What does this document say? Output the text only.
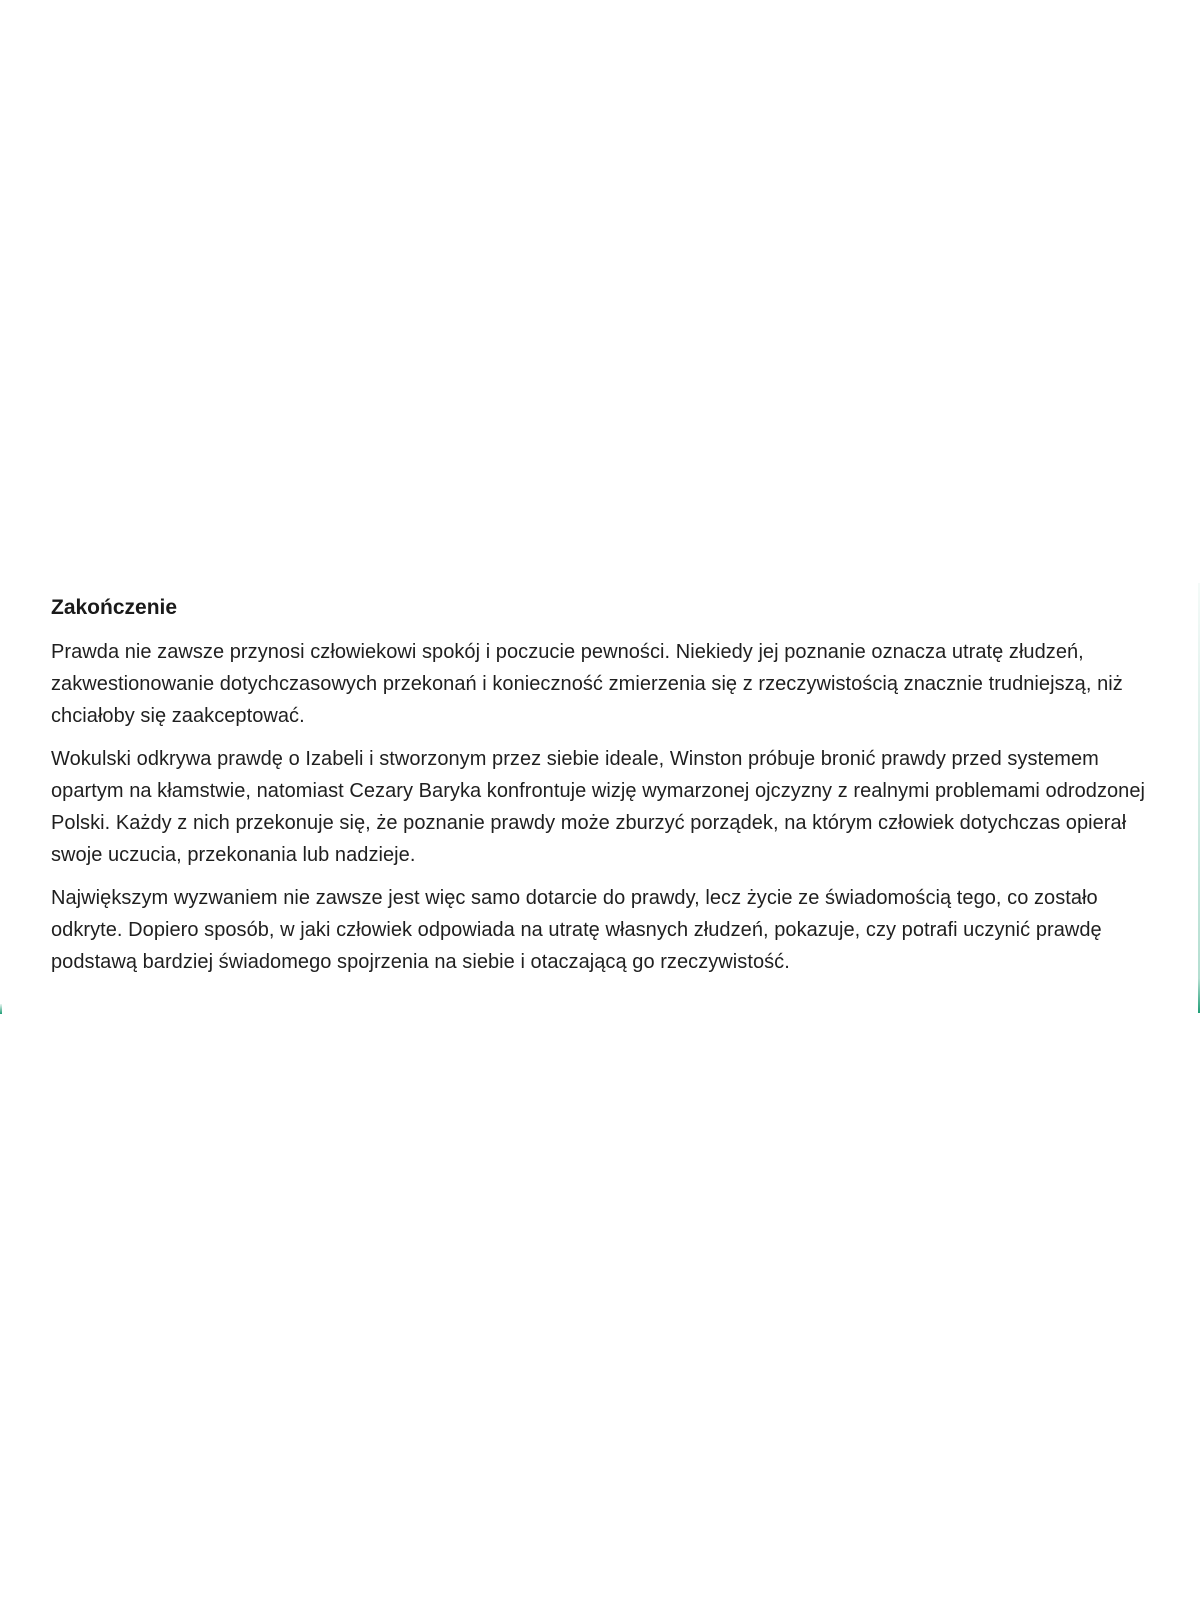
Zakończenie

Prawda nie zawsze przynosi człowiekowi spokój i poczucie pewności. Niekiedy jej poznanie oznacza utratę złudzeń, zakwestionowanie dotychczasowych przekonań i konieczność zmierzenia się z rzeczywistością znacznie trudniejszą, niż chciałoby się zaakceptować.

Wokulski odkrywa prawdę o Izabeli i stworzonym przez siebie ideale, Winston próbuje bronić prawdy przed systemem opartym na kłamstwie, natomiast Cezary Baryka konfrontuje wizję wymarzonej ojczyzny z realnymi problemami odrodzonej Polski. Każdy z nich przekonuje się, że poznanie prawdy może zburzyć porządek, na którym człowiek dotychczas opierał swoje uczucia, przekonania lub nadzieje.

Największym wyzwaniem nie zawsze jest więc samo dotarcie do prawdy, lecz życie ze świadomością tego, co zostało odkryte. Dopiero sposób, w jaki człowiek odpowiada na utratę własnych złudzeń, pokazuje, czy potrafi uczynić prawdę podstawą bardziej świadomego spojrzenia na siebie i otaczającą go rzeczywistość.
